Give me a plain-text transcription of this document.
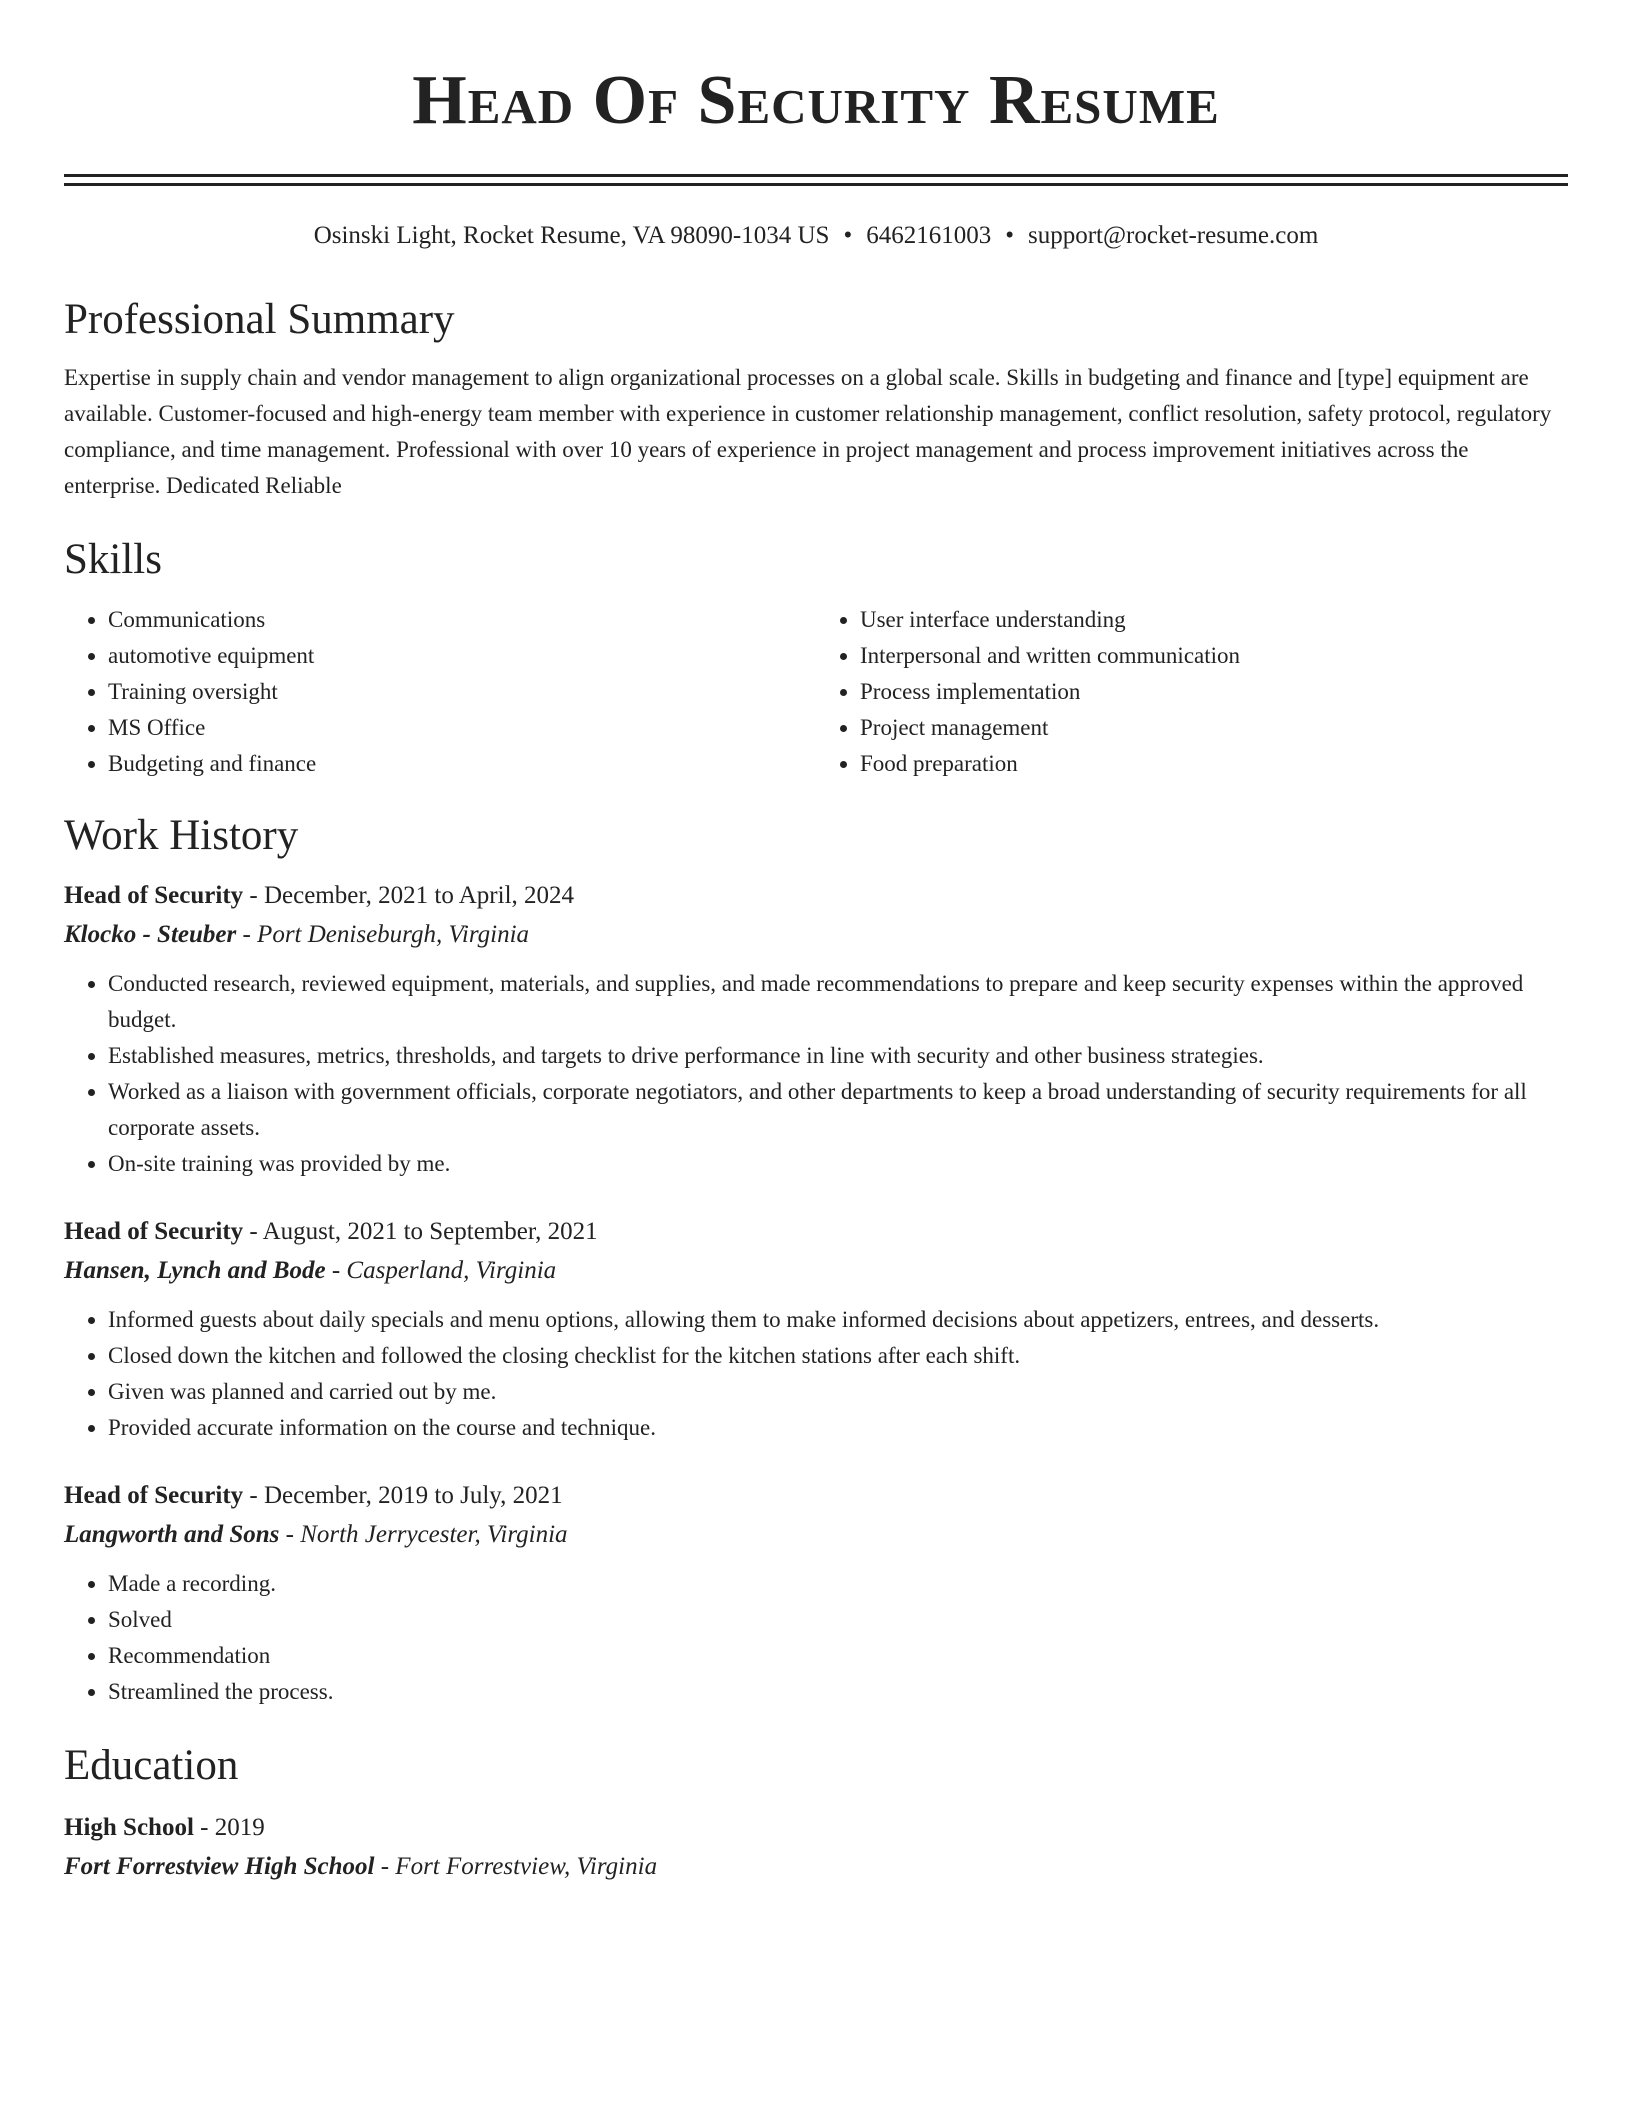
Head Of Security Resume
Osinski Light, Rocket Resume, VA 98090-1034 US • 6462161003 • support@rocket-resume.com
Professional Summary
Expertise in supply chain and vendor management to align organizational processes on a global scale. Skills in budgeting and finance and [type] equipment are available. Customer-focused and high-energy team member with experience in customer relationship management, conflict resolution, safety protocol, regulatory compliance, and time management. Professional with over 10 years of experience in project management and process improvement initiatives across the enterprise. Dedicated Reliable
Skills
• Communications
• automotive equipment
• Training oversight
• MS Office
• Budgeting and finance
• User interface understanding
• Interpersonal and written communication
• Process implementation
• Project management
• Food preparation
Work History
Head of Security - December, 2021 to April, 2024
Klocko - Steuber - Port Deniseburgh, Virginia
• Conducted research, reviewed equipment, materials, and supplies, and made recommendations to prepare and keep security expenses within the approved budget.
• Established measures, metrics, thresholds, and targets to drive performance in line with security and other business strategies.
• Worked as a liaison with government officials, corporate negotiators, and other departments to keep a broad understanding of security requirements for all corporate assets.
• On-site training was provided by me.
Head of Security - August, 2021 to September, 2021
Hansen, Lynch and Bode - Casperland, Virginia
• Informed guests about daily specials and menu options, allowing them to make informed decisions about appetizers, entrees, and desserts.
• Closed down the kitchen and followed the closing checklist for the kitchen stations after each shift.
• Given was planned and carried out by me.
• Provided accurate information on the course and technique.
Head of Security - December, 2019 to July, 2021
Langworth and Sons - North Jerrycester, Virginia
• Made a recording.
• Solved
• Recommendation
• Streamlined the process.
Education
High School - 2019
Fort Forrestview High School - Fort Forrestview, Virginia
